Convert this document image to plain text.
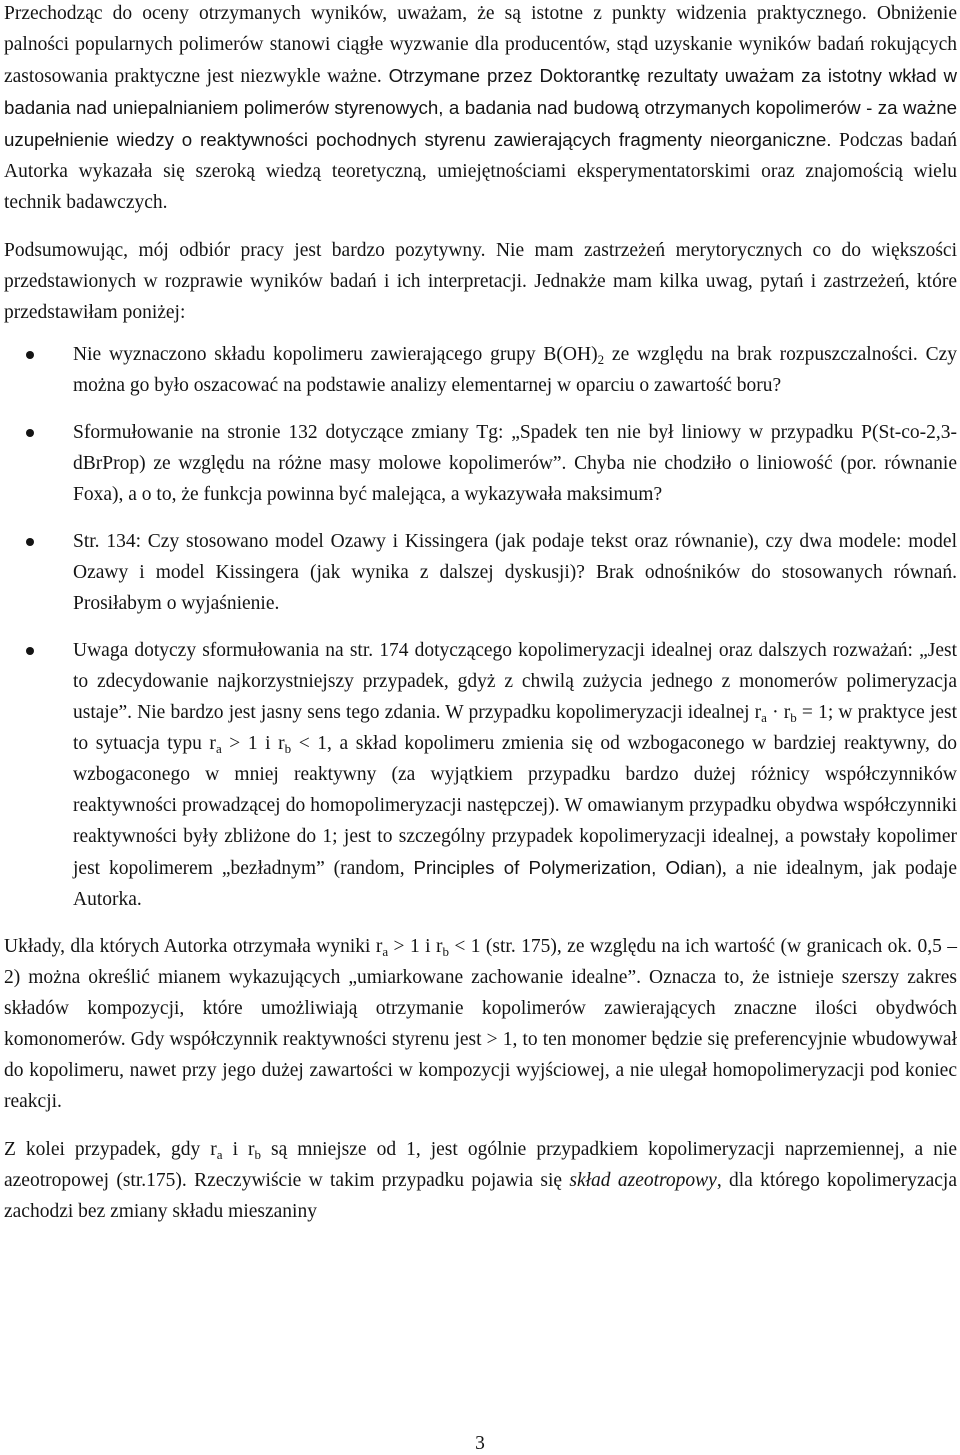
Przechodząc do oceny otrzymanych wyników, uważam, że są istotne z punkty widzenia praktycznego. Obniżenie palności popularnych polimerów stanowi ciągłe wyzwanie dla producentów, stąd uzyskanie wyników badań rokujących zastosowania praktyczne jest niezwykle ważne. Otrzymane przez Doktorantkę rezultaty uważam za istotny wkład w badania nad uniepalnianiem polimerów styrenowych, a badania nad budową otrzymanych kopolimerów - za ważne uzupełnienie wiedzy o reaktywności pochodnych styrenu zawierających fragmenty nieorganiczne. Podczas badań Autorka wykazała się szeroką wiedzą teoretyczną, umiejętnościami eksperymentatorskimi oraz znajomością wielu technik badawczych.

Podsumowując, mój odbiór pracy jest bardzo pozytywny. Nie mam zastrzeżeń merytorycznych co do większości przedstawionych w rozprawie wyników badań i ich interpretacji. Jednakże mam kilka uwag, pytań i zastrzeżeń, które przedstawiłam poniżej:

Nie wyznaczono składu kopolimeru zawierającego grupy $B(OH)_2$ ze względu na brak rozpuszczalności. Czy można go było oszacować na podstawie analizy elementarnej w oparciu o zawartość boru?
Sformułowanie na stronie 132 dotyczące zmiany Tg: „Spadek ten nie był liniowy w przypadku P(St-co-2,3-dBrProp) ze względu na różne masy molowe kopolimerów”. Chyba nie chodziło o liniowość (por. równanie Foxa), a o to, że funkcja powinna być malejąca, a wykazywała maksimum?
Str. 134: Czy stosowano model Ozawy i Kissingera (jak podaje tekst oraz równanie), czy dwa modele: model Ozawy i model Kissingera (jak wynika z dalszej dyskusji)? Brak odnośników do stosowanych równań. Prosiłabym o wyjaśnienie.
Uwaga dotyczy sformułowania na str. 174 dotyczącego kopolimeryzacji idealnej oraz dalszych rozważań: „Jest to zdecydowanie najkorzystniejszy przypadek, gdyż z chwilą zużycia jednego z monomerów polimeryzacja ustaje”. Nie bardzo jest jasny sens tego zdania. W przypadku kopolimeryzacji idealnej $r_a \cdot r_b = 1$; w praktyce jest to sytuacja typu $r_a > 1$ i $r_b < 1$, a skład kopolimeru zmienia się od wzbogaconego w bardziej reaktywny, do wzbogaconego w mniej reaktywny (za wyjątkiem przypadku bardzo dużej różnicy współczynników reaktywności prowadzącej do homopolimeryzacji następczej). W omawianym przypadku obydwa współczynniki reaktywności były zbliżone do 1; jest to szczególny przypadek kopolimeryzacji idealnej, a powstały kopolimer jest kopolimerem „bezładnym” (random, Principles of Polymerization, Odian), a nie idealnym, jak podaje Autorka.

Układy, dla których Autorka otrzymała wyniki $r_a > 1$ i $r_b < 1$ (str. 175), ze względu na ich wartość (w granicach ok. 0,5 – 2) można określić mianem wykazujących „umiarkowane zachowanie idealne”. Oznacza to, że istnieje szerszy zakres składów kompozycji, które umożliwiają otrzymanie kopolimerów zawierających znaczne ilości obydwóch komonomerów. Gdy współczynnik reaktywności styrenu jest > 1, to ten monomer będzie się preferencyjnie wbudowywał do kopolimeru, nawet przy jego dużej zawartości w kompozycji wyjściowej, a nie ulegał homopolimeryzacji pod koniec reakcji.

Z kolei przypadek, gdy $r_a$ i $r_b$ są mniejsze od 1, jest ogólnie przypadkiem kopolimeryzacji naprzemiennej, a nie azeotropowej (str.175). Rzeczywiście w takim przypadku pojawia się skład azeotropowy, dla którego kopolimeryzacja zachodzi bez zmiany składu mieszaniny

3
